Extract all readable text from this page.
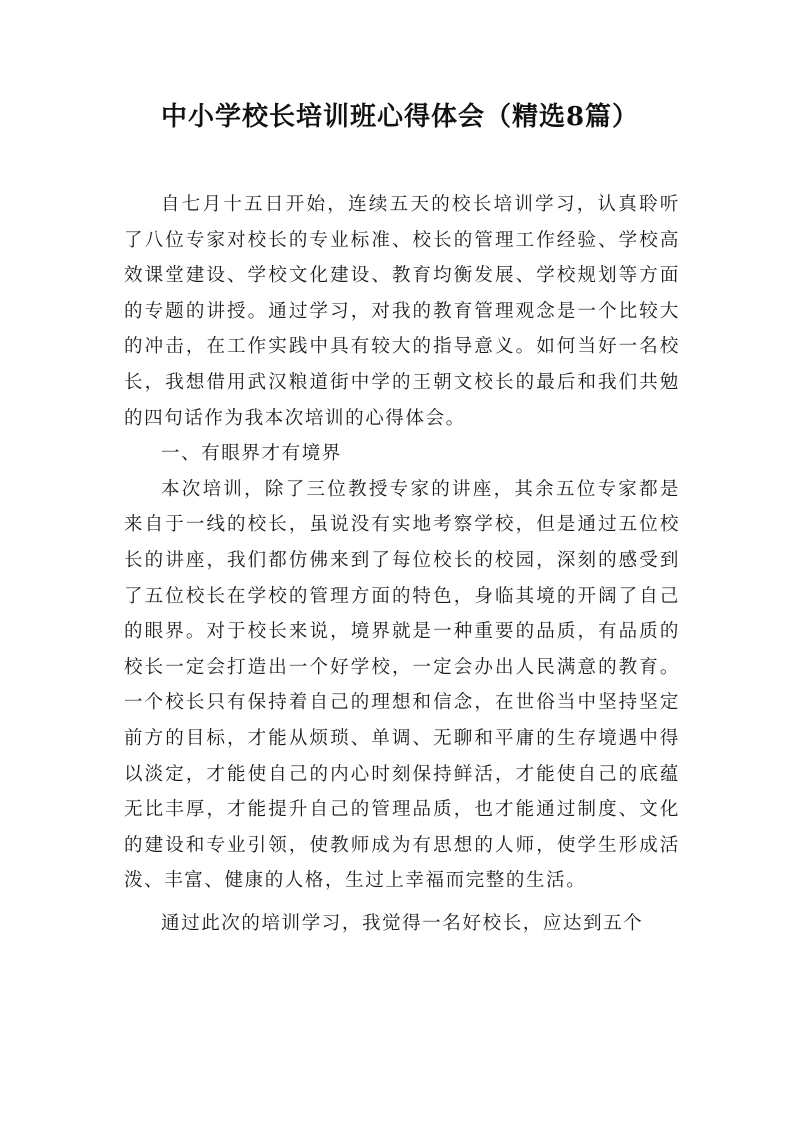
中小学校长培训班心得体会（精选8篇）

自七月十五日开始，连续五天的校长培训学习，认真聆听了八位专家对校长的专业标准、校长的管理工作经验、学校高效课堂建设、学校文化建设、教育均衡发展、学校规划等方面的专题的讲授。通过学习，对我的教育管理观念是一个比较大的冲击，在工作实践中具有较大的指导意义。如何当好一名校长，我想借用武汉粮道街中学的王朝文校长的最后和我们共勉的四句话作为我本次培训的心得体会。

一、有眼界才有境界

本次培训，除了三位教授专家的讲座，其余五位专家都是来自于一线的校长，虽说没有实地考察学校，但是通过五位校长的讲座，我们都仿佛来到了每位校长的校园，深刻的感受到了五位校长在学校的管理方面的特色，身临其境的开阔了自己的眼界。对于校长来说，境界就是一种重要的品质，有品质的校长一定会打造出一个好学校，一定会办出人民满意的教育。一个校长只有保持着自己的理想和信念，在世俗当中坚持坚定前方的目标，才能从烦琐、单调、无聊和平庸的生存境遇中得以淡定，才能使自己的内心时刻保持鲜活，才能使自己的底蕴无比丰厚，才能提升自己的管理品质，也才能通过制度、文化的建设和专业引领，使教师成为有思想的人师，使学生形成活泼、丰富、健康的人格，生过上幸福而完整的生活。

通过此次的培训学习，我觉得一名好校长，应达到五个
